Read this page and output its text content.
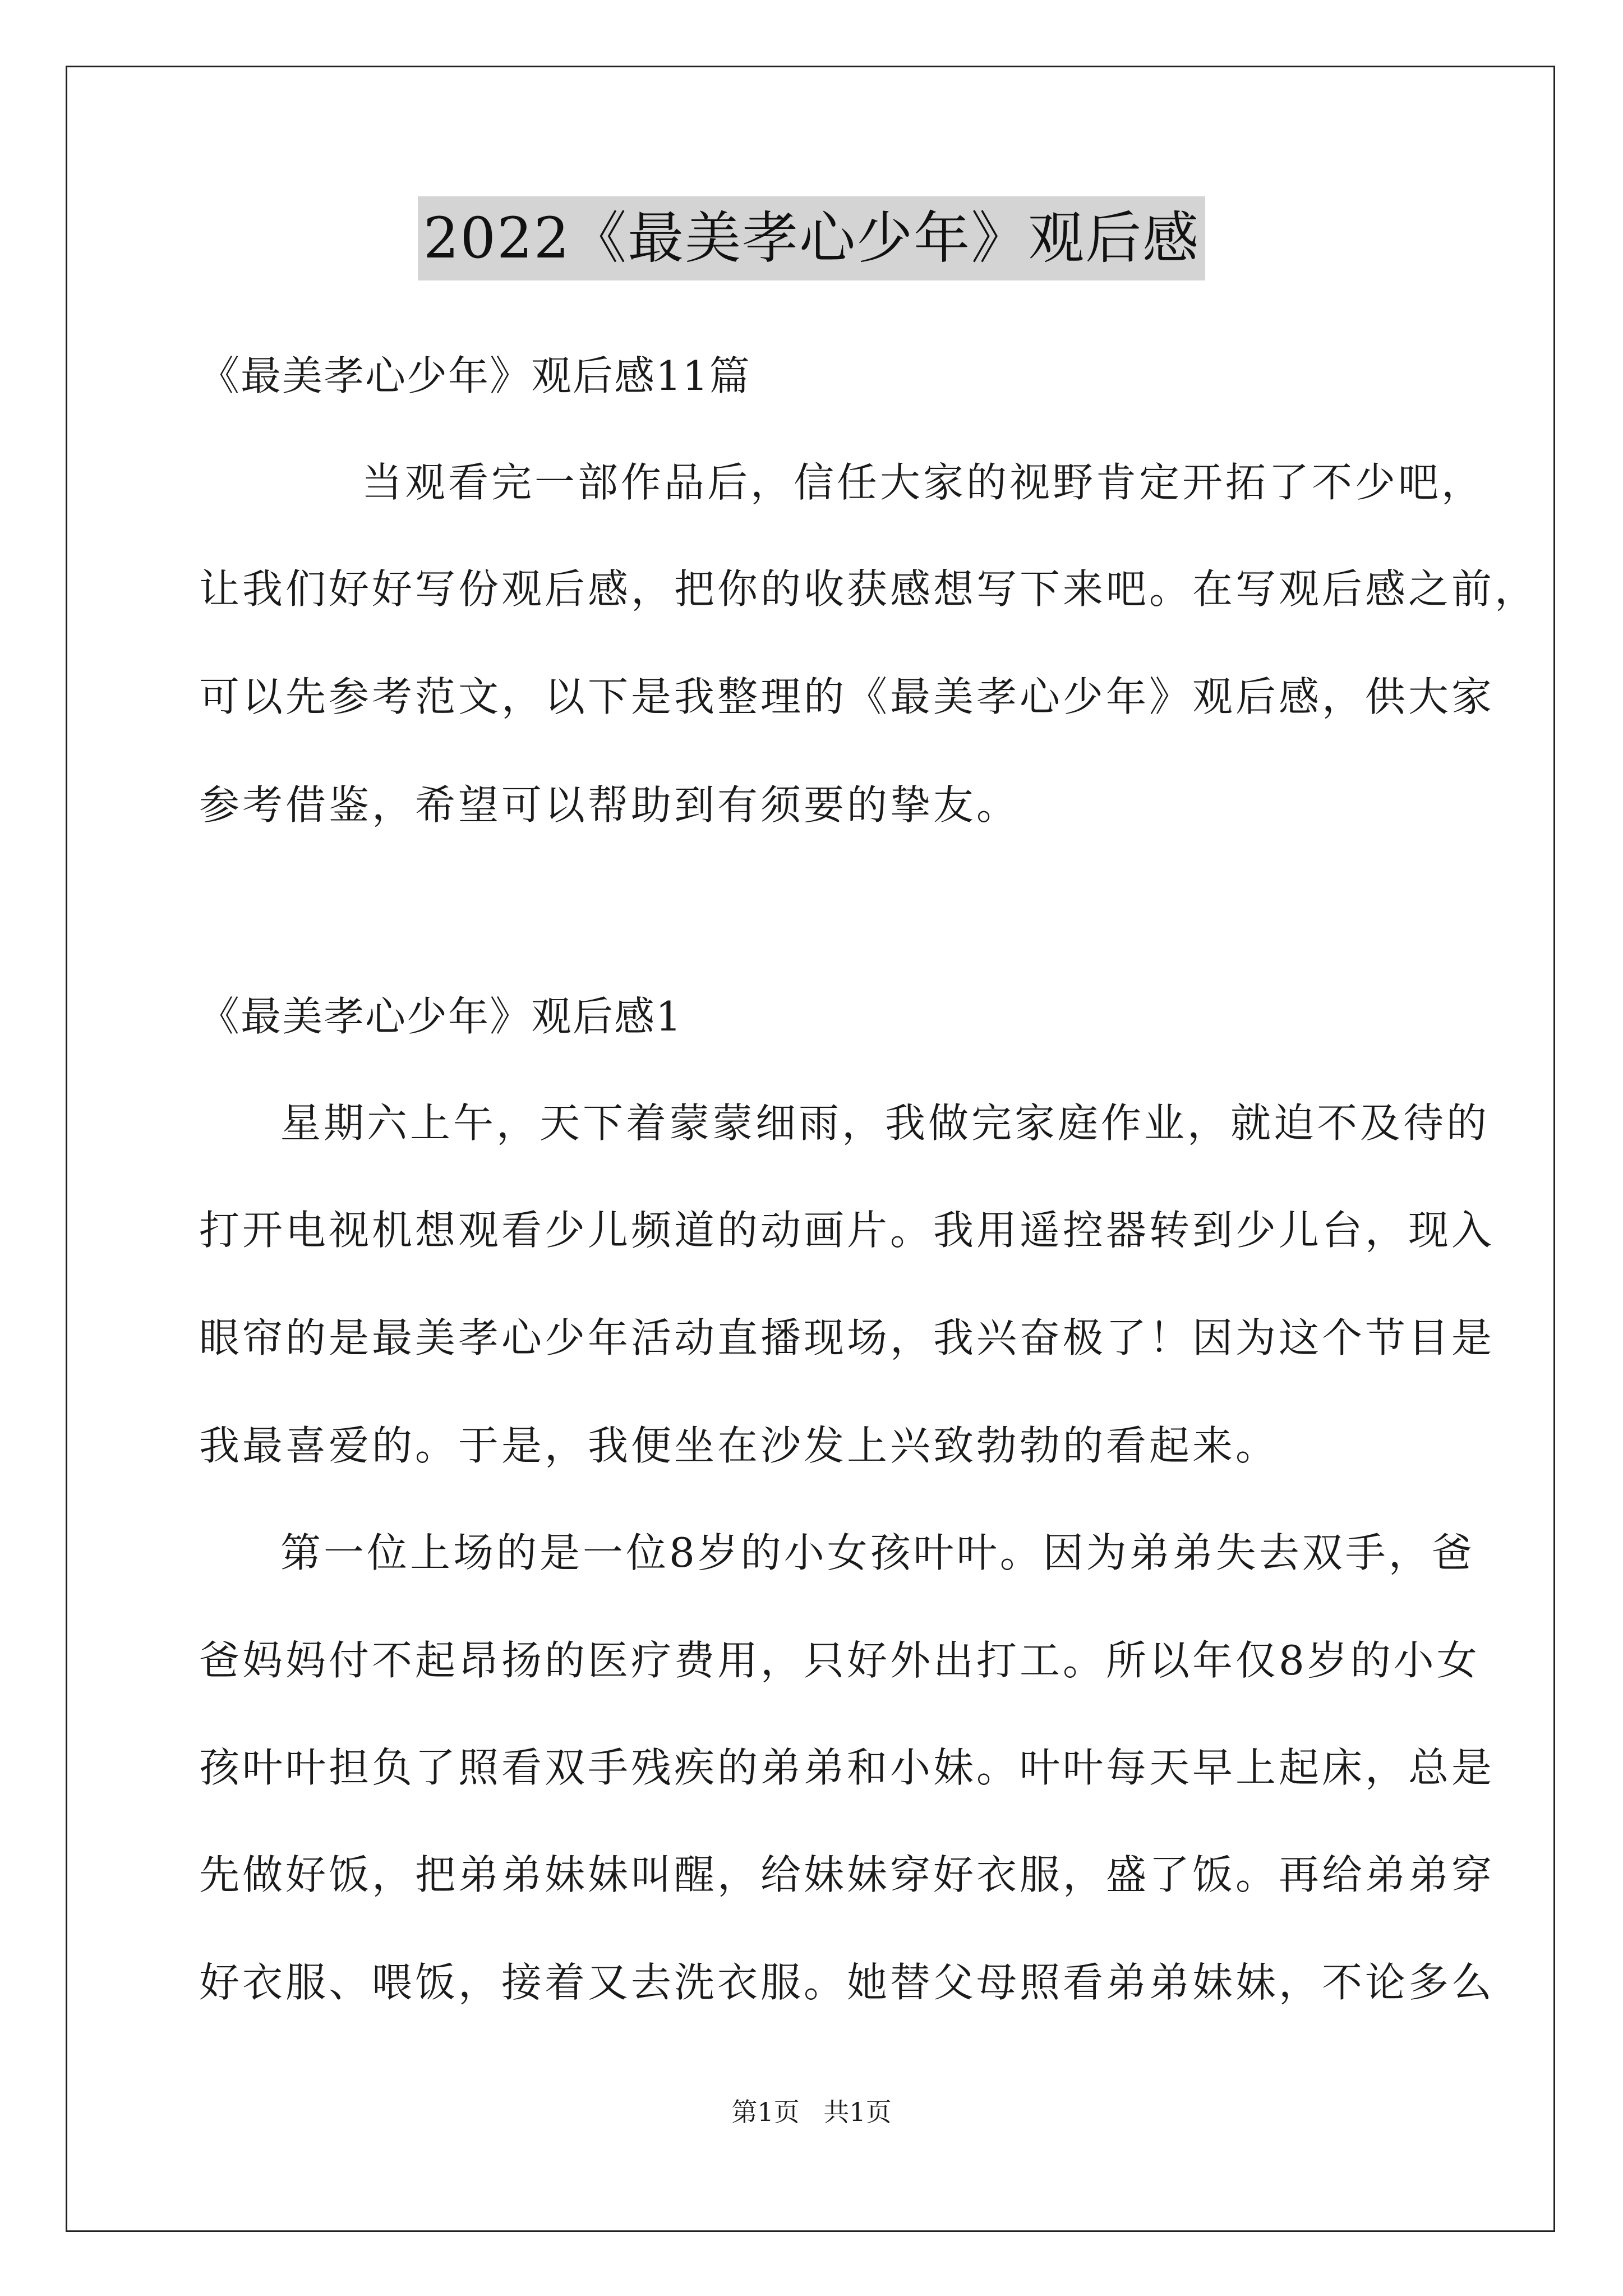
2022《最美孝心少年》观后感
《最美孝心少年》观后感11篇
当观看完一部作品后，信任大家的视野肯定开拓了不少吧，
让我们好好写份观后感，把你的收获感想写下来吧。在写观后感之前，
可以先参考范文，以下是我整理的《最美孝心少年》观后感，供大家
参考借鉴，希望可以帮助到有须要的挚友。
《最美孝心少年》观后感1
星期六上午，天下着蒙蒙细雨，我做完家庭作业，就迫不及待的
打开电视机想观看少儿频道的动画片。我用遥控器转到少儿台，现入
眼帘的是最美孝心少年活动直播现场，我兴奋极了！因为这个节目是
我最喜爱的。于是，我便坐在沙发上兴致勃勃的看起来。
第一位上场的是一位8岁的小女孩叶叶。因为弟弟失去双手，爸
爸妈妈付不起昂扬的医疗费用，只好外出打工。所以年仅8岁的小女
孩叶叶担负了照看双手残疾的弟弟和小妹。叶叶每天早上起床，总是
先做好饭，把弟弟妹妹叫醒，给妹妹穿好衣服，盛了饭。再给弟弟穿
好衣服、喂饭，接着又去洗衣服。她替父母照看弟弟妹妹，不论多么
第1页 共1页
